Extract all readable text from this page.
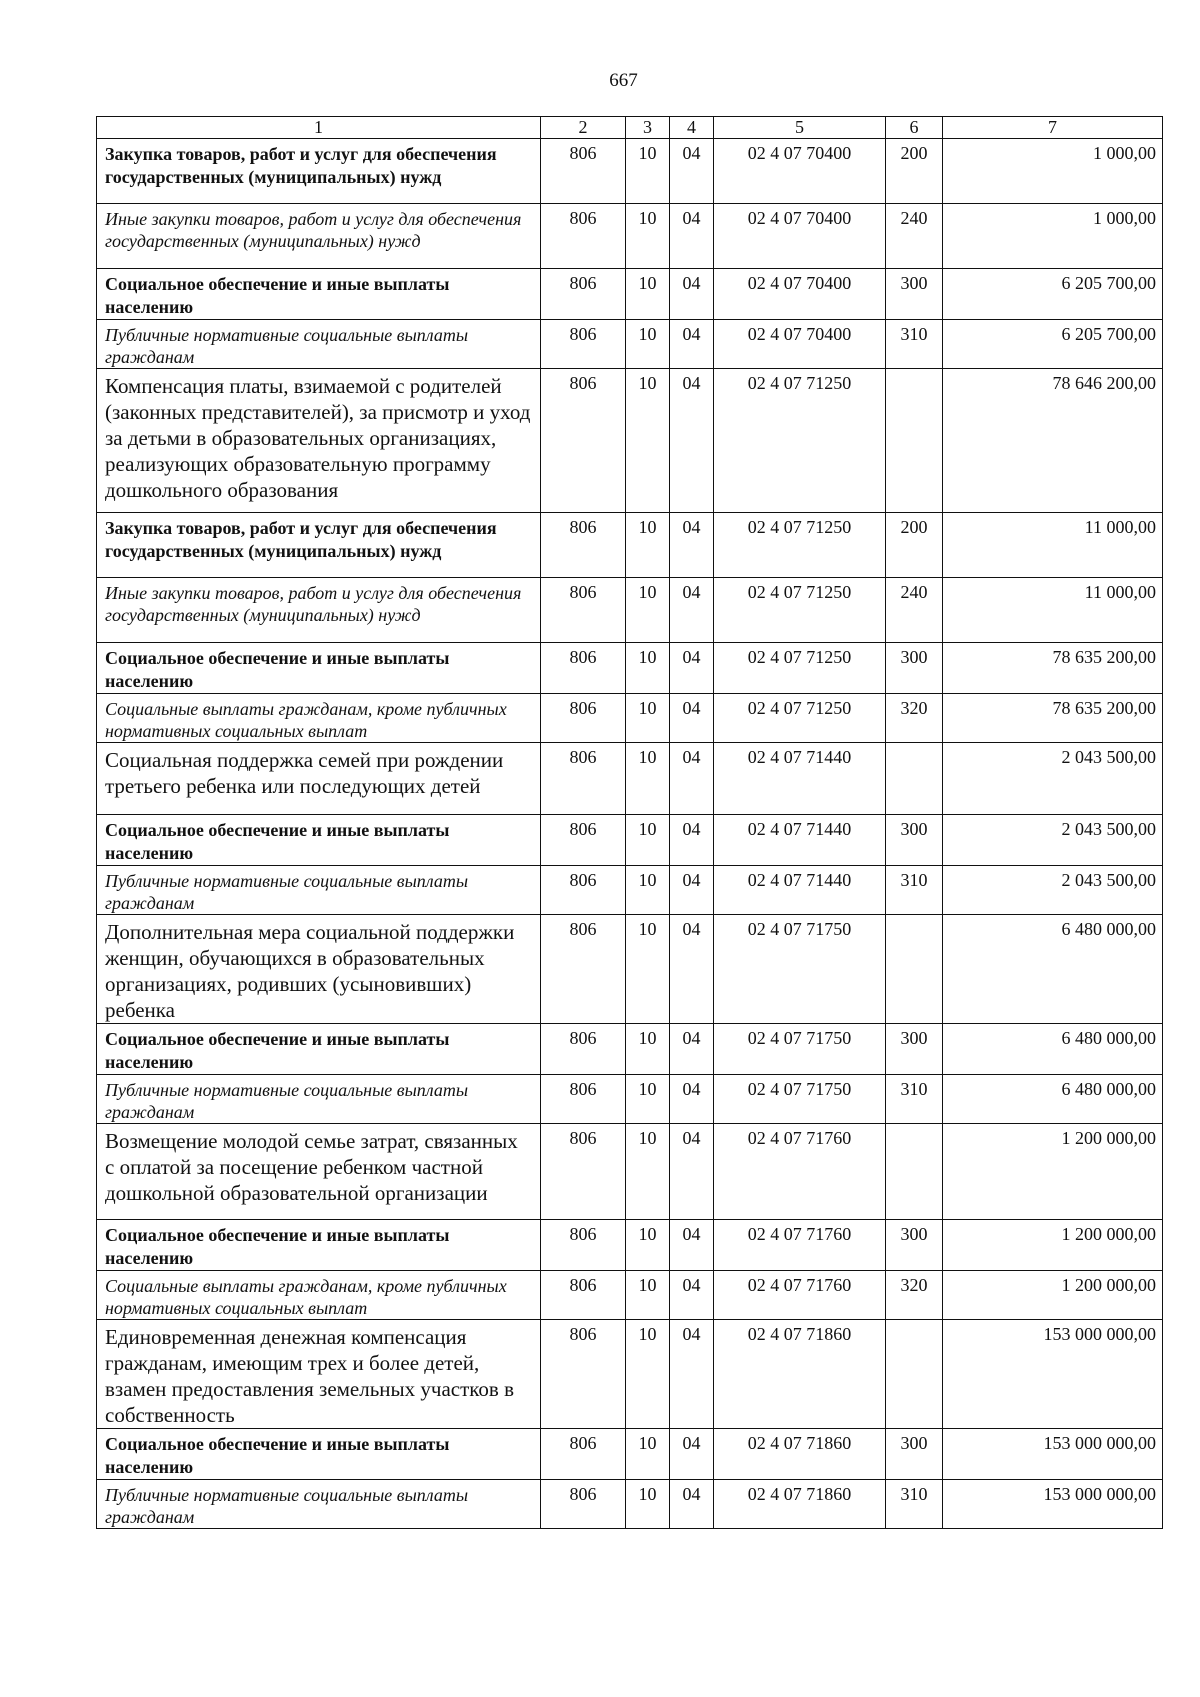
667
1	2	3	4	5	6	7
Закупка товаров, работ и услуг для обеспечения государственных (муниципальных) нужд	806	10	04	02 4 07 70400	200	1 000,00
Иные закупки товаров, работ и услуг для обеспечения государственных (муниципальных) нужд	806	10	04	02 4 07 70400	240	1 000,00
Социальное обеспечение и иные выплаты населению	806	10	04	02 4 07 70400	300	6 205 700,00
Публичные нормативные социальные выплаты гражданам	806	10	04	02 4 07 70400	310	6 205 700,00
Компенсация платы, взимаемой с родителей (законных представителей), за присмотр и уход за детьми в образовательных организациях, реализующих образовательную программу дошкольного образования	806	10	04	02 4 07 71250		78 646 200,00
Закупка товаров, работ и услуг для обеспечения государственных (муниципальных) нужд	806	10	04	02 4 07 71250	200	11 000,00
Иные закупки товаров, работ и услуг для обеспечения государственных (муниципальных) нужд	806	10	04	02 4 07 71250	240	11 000,00
Социальное обеспечение и иные выплаты населению	806	10	04	02 4 07 71250	300	78 635 200,00
Социальные выплаты гражданам, кроме публичных нормативных социальных выплат	806	10	04	02 4 07 71250	320	78 635 200,00
Социальная поддержка семей при рождении третьего ребенка или последующих детей	806	10	04	02 4 07 71440		2 043 500,00
Социальное обеспечение и иные выплаты населению	806	10	04	02 4 07 71440	300	2 043 500,00
Публичные нормативные социальные выплаты гражданам	806	10	04	02 4 07 71440	310	2 043 500,00
Дополнительная мера социальной поддержки женщин, обучающихся в образовательных организациях, родивших (усыновивших) ребенка	806	10	04	02 4 07 71750		6 480 000,00
Социальное обеспечение и иные выплаты населению	806	10	04	02 4 07 71750	300	6 480 000,00
Публичные нормативные социальные выплаты гражданам	806	10	04	02 4 07 71750	310	6 480 000,00
Возмещение молодой семье затрат, связанных с оплатой за посещение ребенком частной дошкольной образовательной организации	806	10	04	02 4 07 71760		1 200 000,00
Социальное обеспечение и иные выплаты населению	806	10	04	02 4 07 71760	300	1 200 000,00
Социальные выплаты гражданам, кроме публичных нормативных социальных выплат	806	10	04	02 4 07 71760	320	1 200 000,00
Единовременная денежная компенсация гражданам, имеющим трех и более детей, взамен предоставления земельных участков в собственность	806	10	04	02 4 07 71860		153 000 000,00
Социальное обеспечение и иные выплаты населению	806	10	04	02 4 07 71860	300	153 000 000,00
Публичные нормативные социальные выплаты гражданам	806	10	04	02 4 07 71860	310	153 000 000,00
